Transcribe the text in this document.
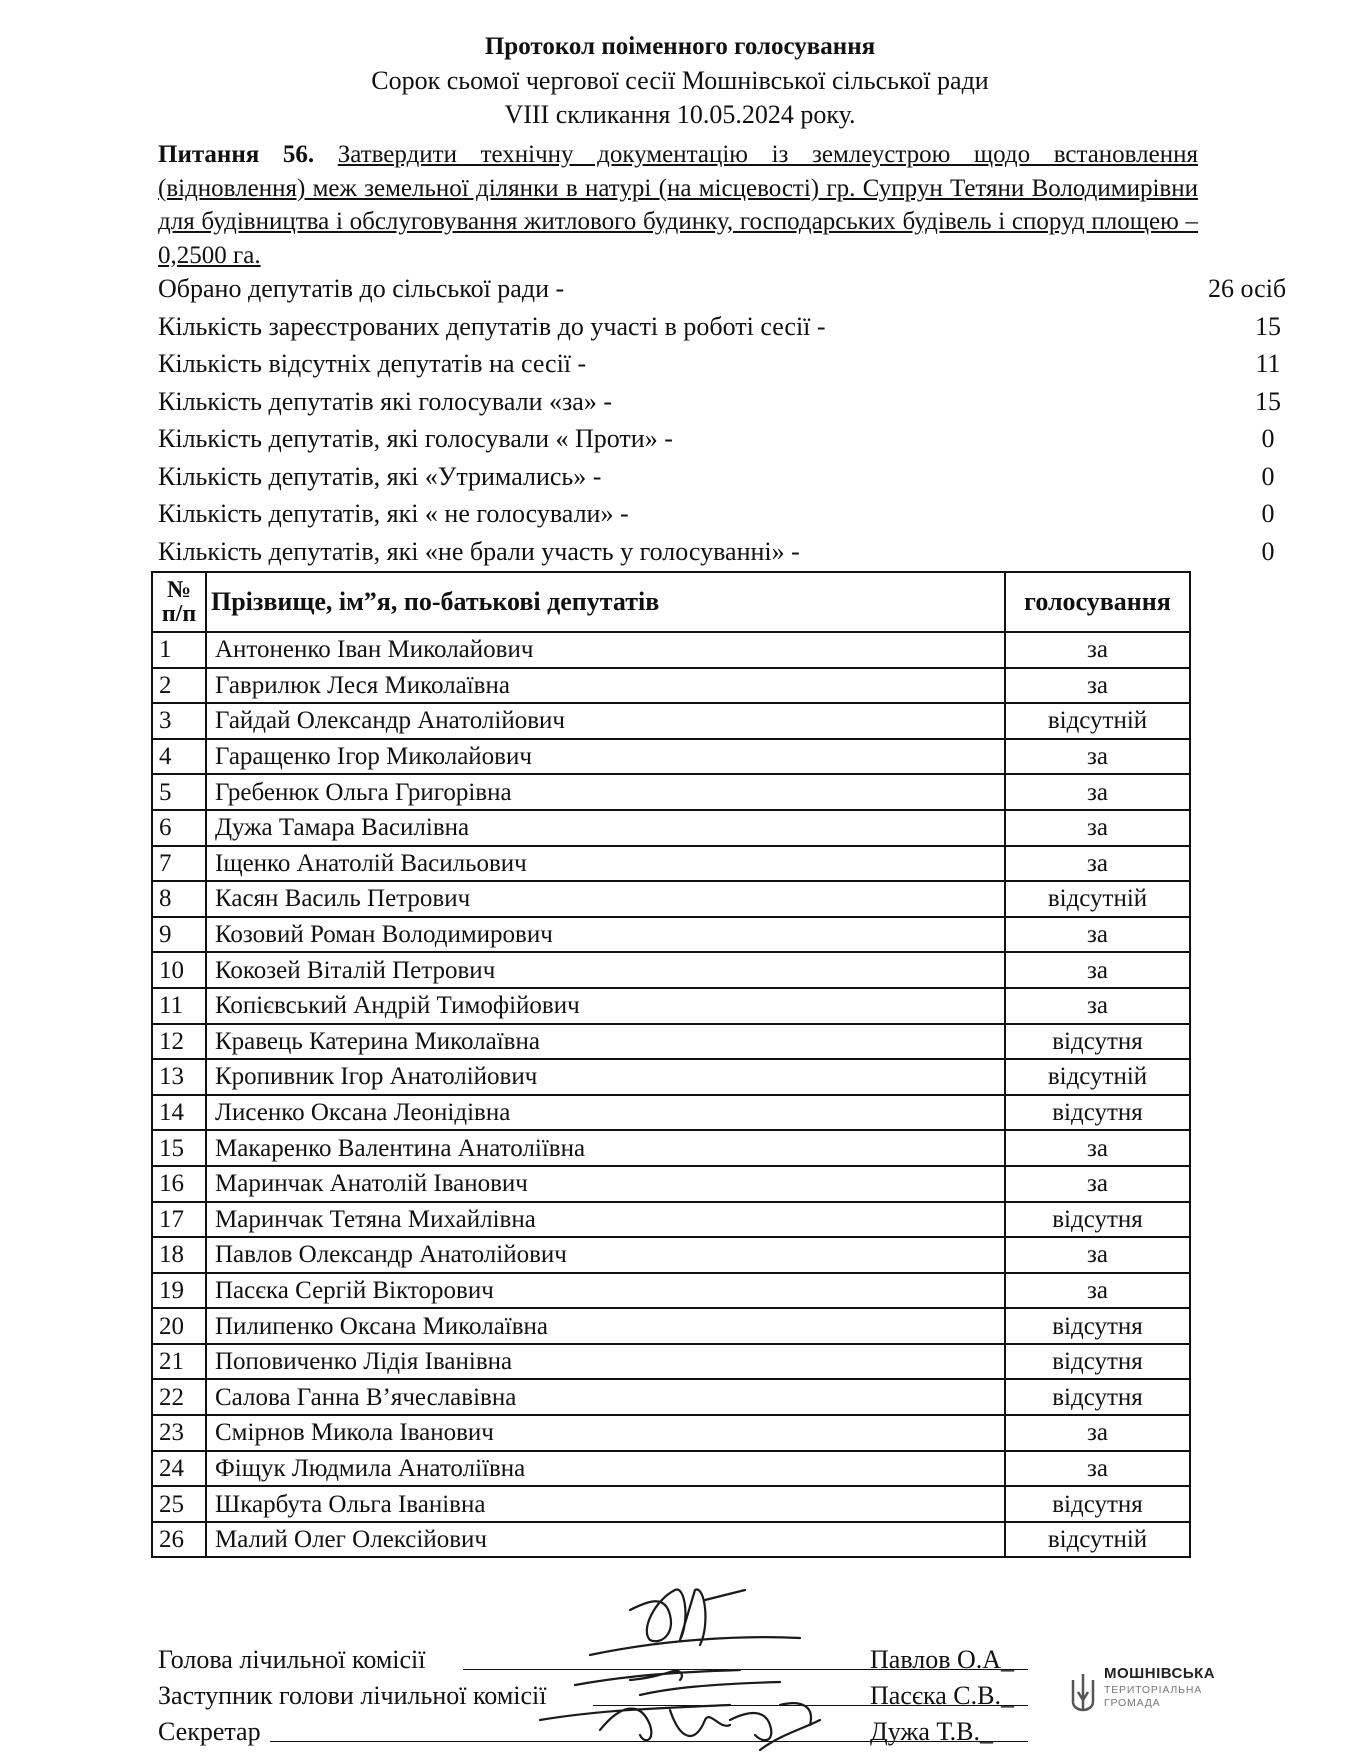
Протокол поіменного голосування
Сорок сьомої чергової сесії Мошнівської сільської ради
VIII скликання 10.05.2024 року.
Питання 56. Затвердити технічну документацію із землеустрою щодо встановлення (відновлення) меж земельної ділянки в натурі (на місцевості) гр. Супрун Тетяни Володимирівни для будівництва і обслуговування житлового будинку, господарських будівель і споруд площею – 0,2500 га.
Обрано депутатів до сільської ради -	26 осіб
Кількість зареєстрованих депутатів до участі в роботі сесії -	15
Кількість відсутніх депутатів на сесії -	11
Кількість депутатів які голосували «за» -	15
Кількість депутатів, які голосували « Проти» -	0
Кількість депутатів, які «Утримались» -	0
Кількість депутатів, які « не голосували» -	0
Кількість депутатів, які «не брали участь у голосуванні» -	0
№
п/п	Прізвище, ім”я, по-батькові депутатів	голосування
1	Антоненко Іван Миколайович	за
2	Гаврилюк Леся Миколаївна	за
3	Гайдай Олександр Анатолійович	відсутній
4	Гаращенко Ігор Миколайович	за
5	Гребенюк Ольга Григорівна	за
6	Дужа Тамара Василівна	за
7	Іщенко Анатолій Васильович	за
8	Касян Василь Петрович	відсутній
9	Козовий Роман Володимирович	за
10	Кокозей Віталій Петрович	за
11	Копієвський Андрій Тимофійович	за
12	Кравець Катерина Миколаївна	відсутня
13	Кропивник Ігор Анатолійович	відсутній
14	Лисенко Оксана Леонідівна	відсутня
15	Макаренко Валентина Анатоліївна	за
16	Маринчак Анатолій Іванович	за
17	Маринчак Тетяна Михайлівна	відсутня
18	Павлов Олександр Анатолійович	за
19	Пасєка Сергій Вікторович	за
20	Пилипенко Оксана Миколаївна	відсутня
21	Поповиченко Лідія Іванівна	відсутня
22	Салова Ганна В’ячеславівна	відсутня
23	Смірнов Микола Іванович	за
24	Фіщук Людмила Анатоліївна	за
25	Шкарбута Ольга Іванівна	відсутня
26	Малий Олег Олексійович	відсутній
Голова лічильної комісії	Павлов О.А_
Заступник голови лічильної комісії	Пасєка С.В._
Секретар	Дужа Т.В._
МОШНІВСЬКА
ТЕРИТОРІАЛЬНА
ГРОМАДА
